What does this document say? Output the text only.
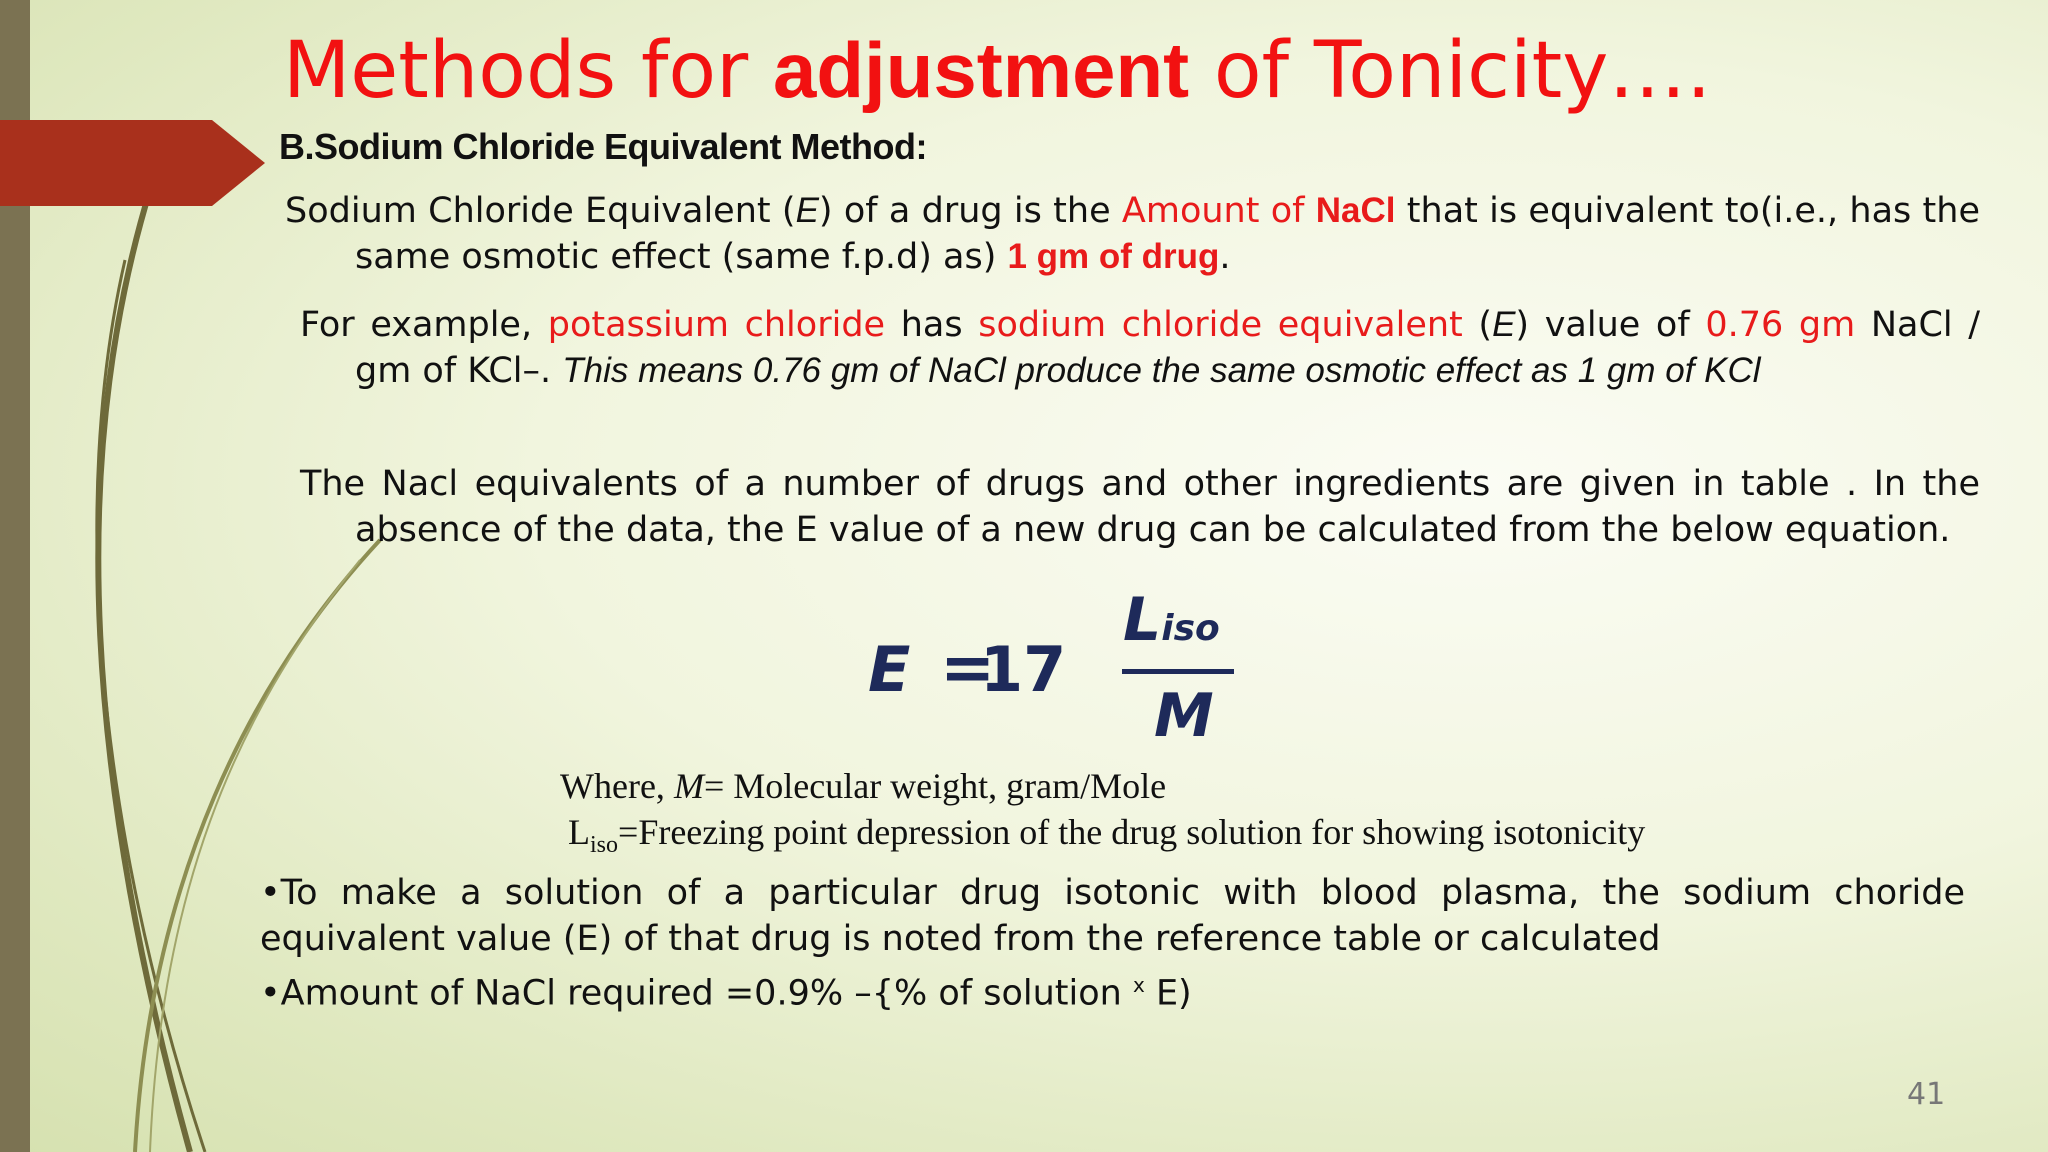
Methods for adjustment of Tonicity….
B.Sodium Chloride Equivalent Method:
Sodium Chloride Equivalent (E) of a drug is the Amount of NaCl that is equivalent to(i.e., has the same osmotic effect (same f.p.d) as) 1 gm of drug.
For example, potassium chloride has sodium chloride equivalent (E) value of 0.76 gm NaCl / gm of KCl–. This means 0.76 gm of NaCl produce the same osmotic effect as 1 gm of KCl
The Nacl equivalents of a number of drugs and other ingredients are given in table . In the absence of the data, the E value of a new drug can be calculated from the below equation.
E =
17
Liso
M
Where, M= Molecular weight, gram/Mole
$L_{iso}=Freezing$ point depression of the drug solution for showing isotonicity
•To make a solution of a particular drug isotonic with blood plasma, the sodium choride equivalent value (E) of that drug is noted from the reference table or calculated
•Amount of NaCl required =0.9% –{% of solution $^x$ E)
41
